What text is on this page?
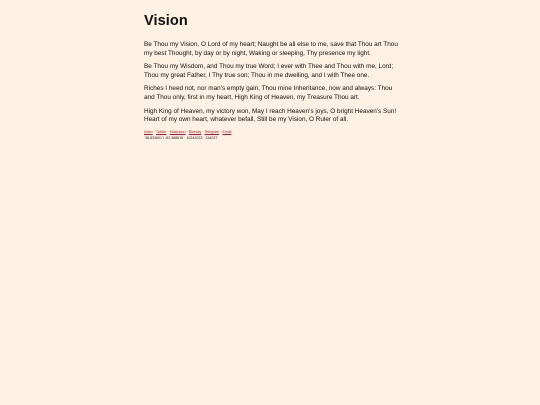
Vision

Be Thou my Vision, O Lord of my heart; Naught be all else to me, save that Thou art Thou my best Thought, by day or by night, Waking or sleeping, Thy presence my light.

Be Thou my Wisdom, and Thou my true Word; I ever with Thee and Thou with me, Lord; Thou my great Father, I Thy true son; Thou in me dwelling, and I with Thee one.

Riches I heed not, nor man's empty gain, Thou mine Inheritance, now and always: Thou and Thou only, first in my heart, High King of Heaven, my Treasure Thou art.

High King of Heaven, my victory won, May I reach Heaven's joys, O bright Heaven's Sun! Heart of my own heart, whatever befall, Still be my Vision, O Ruler of all.

Index · Twitter · Mastodon · Bluesky · Telegram · Email
38.833601 / -82.388619 · 10242023 · 154227
